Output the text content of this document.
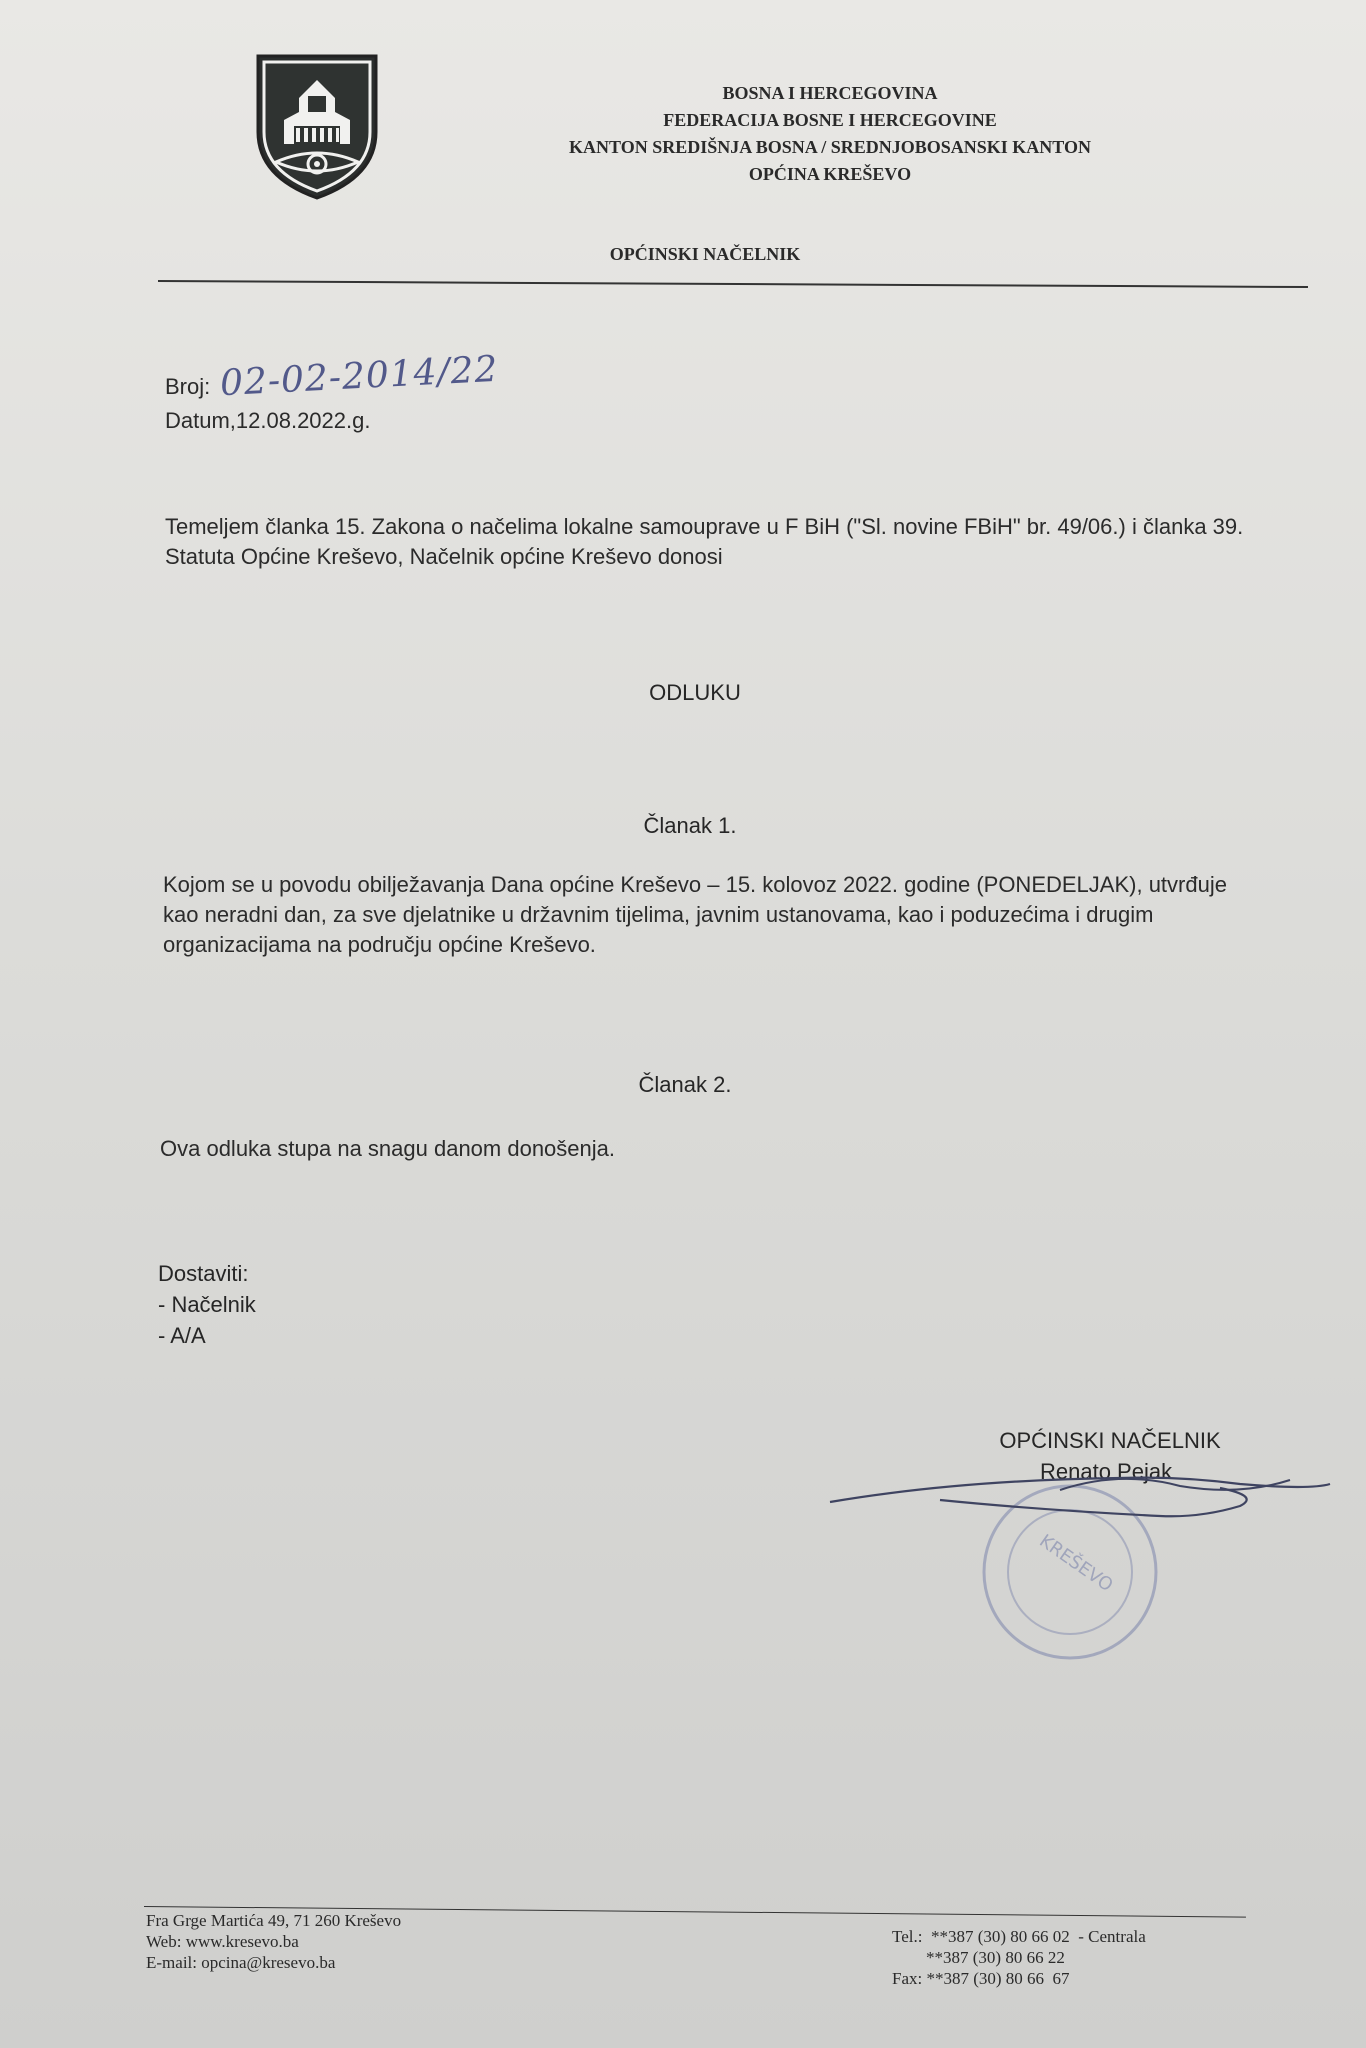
BOSNA I HERCEGOVINA
FEDERACIJA BOSNE I HERCEGOVINE
KANTON SREDIŠNJA BOSNA / SREDNJOBOSANSKI KANTON
OPĆINA KREŠEVO
OPĆINSKI NAČELNIK
Broj: 02-02-2014/22
Datum,12.08.2022.g.
Temeljem članka 15. Zakona o načelima lokalne samouprave u F BiH ("Sl. novine FBiH" br. 49/06.) i članka 39. Statuta Općine Kreševo, Načelnik općine Kreševo donosi
ODLUKU
Članak 1.
Kojom se u povodu obilježavanja Dana općine Kreševo – 15. kolovoz 2022. godine (PONEDELJAK), utvrđuje kao neradni dan, za sve djelatnike u državnim tijelima, javnim ustanovama, kao i poduzećima i drugim organizacijama na području općine Kreševo.
Članak 2.
Ova odluka stupa na snagu danom donošenja.
Dostaviti:
- Načelnik
- A/A
OPĆINSKI NAČELNIK
Renato Pejak
KREŠEVO
Fra Grge Martića 49, 71 260 Kreševo
Web: www.kresevo.ba
E-mail: opcina@kresevo.ba
Tel.:  **387 (30) 80 66 02  - Centrala
**387 (30) 80 66 22
Fax: **387 (30) 80 66  67
